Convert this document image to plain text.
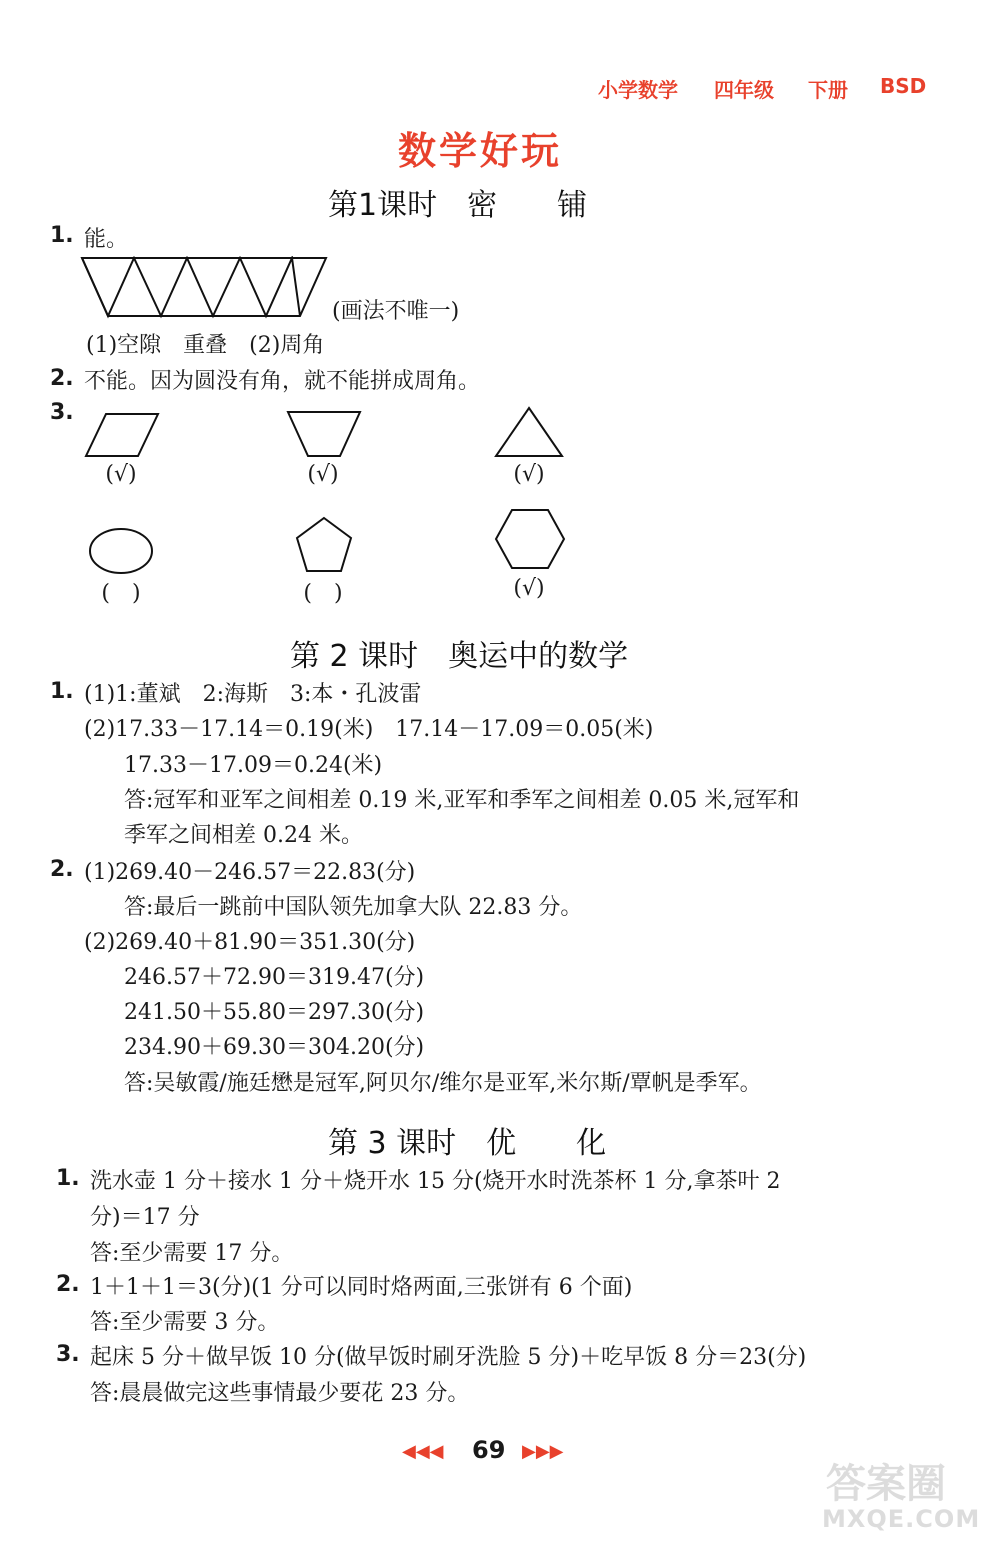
小学数学 四年级 下册 BSD
数学好玩
第1课时　密　　铺
1. 能。
(画法不唯一)
(1)空隙　重叠　(2)周角
2. 不能。因为圆没有角，就不能拼成周角。
3.
(√)	(√)	(√)
(　)	(　)	(√)
第 2 课时　奥运中的数学
1. (1)1:董斌　2:海斯　3:本・孔波雷
(2)17.33－17.14＝0.19(米)　17.14－17.09＝0.05(米)
17.33－17.09＝0.24(米)
答:冠军和亚军之间相差 0.19 米,亚军和季军之间相差 0.05 米,冠军和
季军之间相差 0.24 米。
2. (1)269.40－246.57＝22.83(分)
答:最后一跳前中国队领先加拿大队 22.83 分。
(2)269.40＋81.90＝351.30(分)
246.57＋72.90＝319.47(分)
241.50＋55.80＝297.30(分)
234.90＋69.30＝304.20(分)
答:吴敏霞/施廷懋是冠军,阿贝尔/维尔是亚军,米尔斯/覃帆是季军。
第 3 课时　优　　化
1. 洗水壶 1 分＋接水 1 分＋烧开水 15 分(烧开水时洗茶杯 1 分,拿茶叶 2
分)＝17 分
答:至少需要 17 分。
2. 1＋1＋1＝3(分)(1 分可以同时烙两面,三张饼有 6 个面)
答:至少需要 3 分。
3. 起床 5 分＋做早饭 10 分(做早饭时刷牙洗脸 5 分)＋吃早饭 8 分＝23(分)
答:晨晨做完这些事情最少要花 23 分。
◀◀◀ 69 ▶▶▶
答案圈
MXQE.COM
